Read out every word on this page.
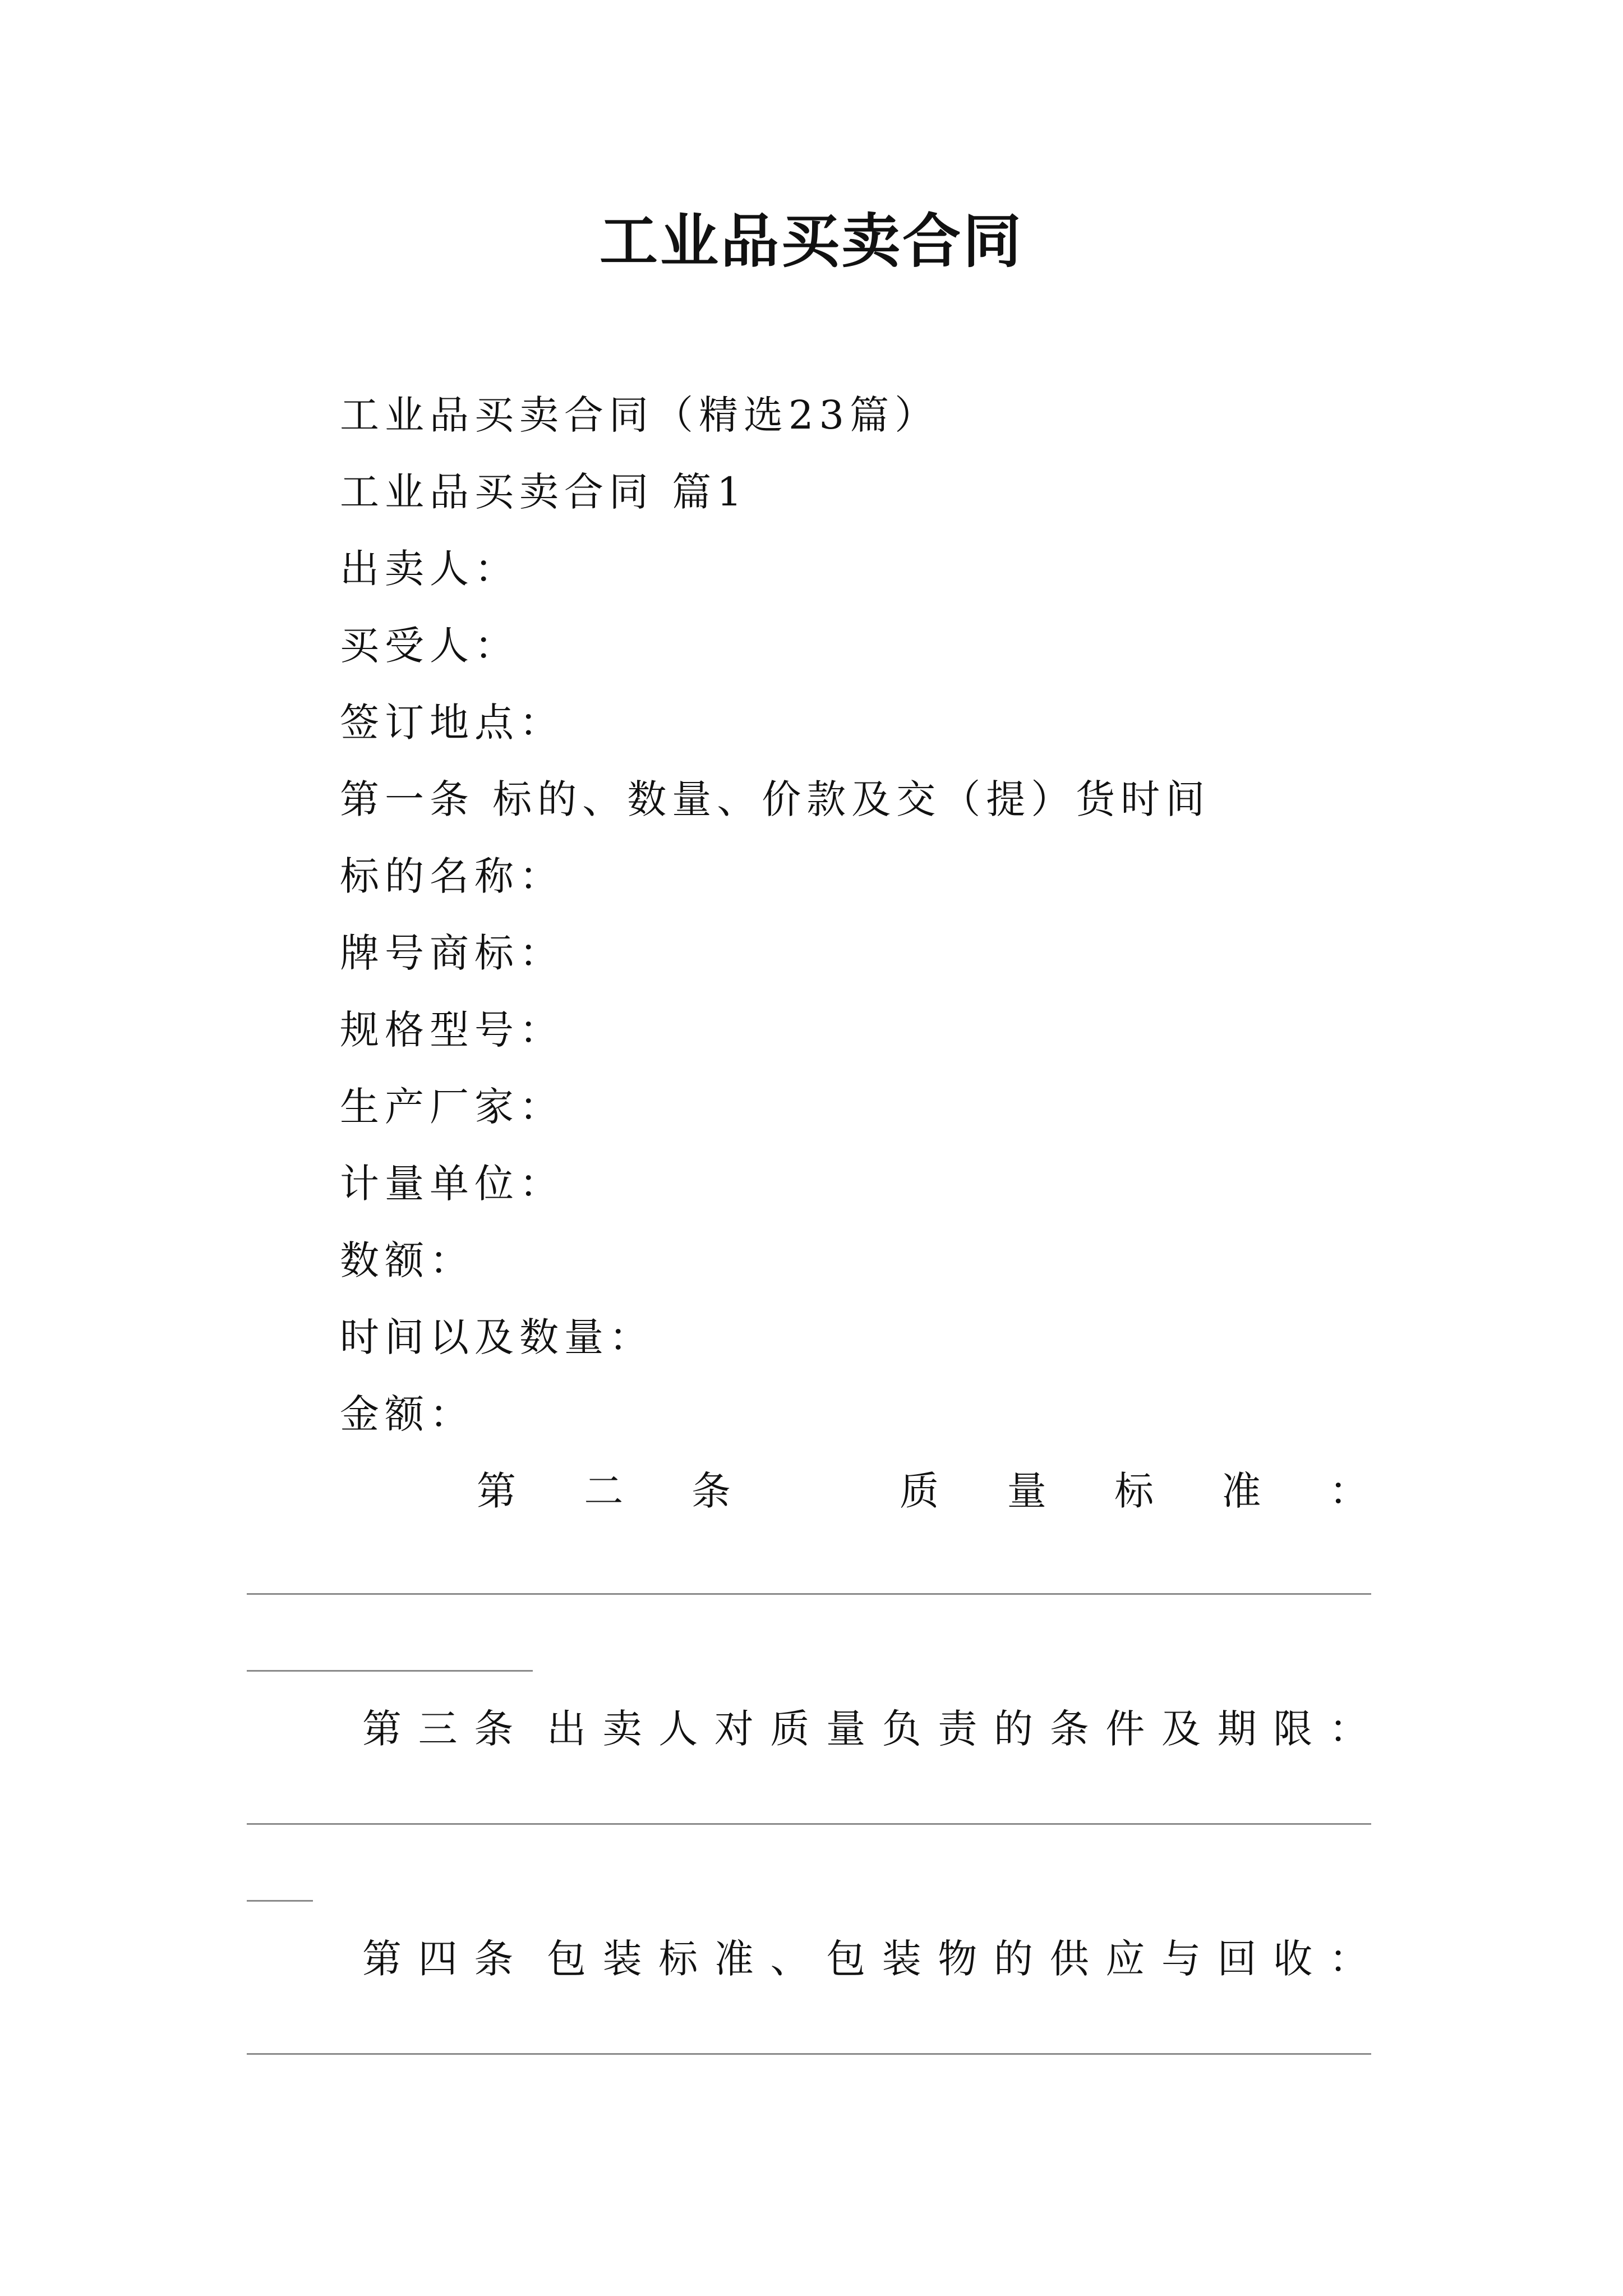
工业品买卖合同
工业品买卖合同（精选23篇）
工业品买卖合同 篇1
出卖人：
买受人：
签订地点：
第一条 标的、数量、价款及交（提）货时间
标的名称：
牌号商标：
规格型号：
生产厂家：
计量单位：
数额：
时间以及数量：
金额：
第 二 条	质 量 标 准 ：
第 三 条 出 卖 人 对 质 量 负 责 的 条 件 及 期 限 ：
第 四 条 包 装 标 准 、 包 装 物 的 供 应 与 回 收 ：
